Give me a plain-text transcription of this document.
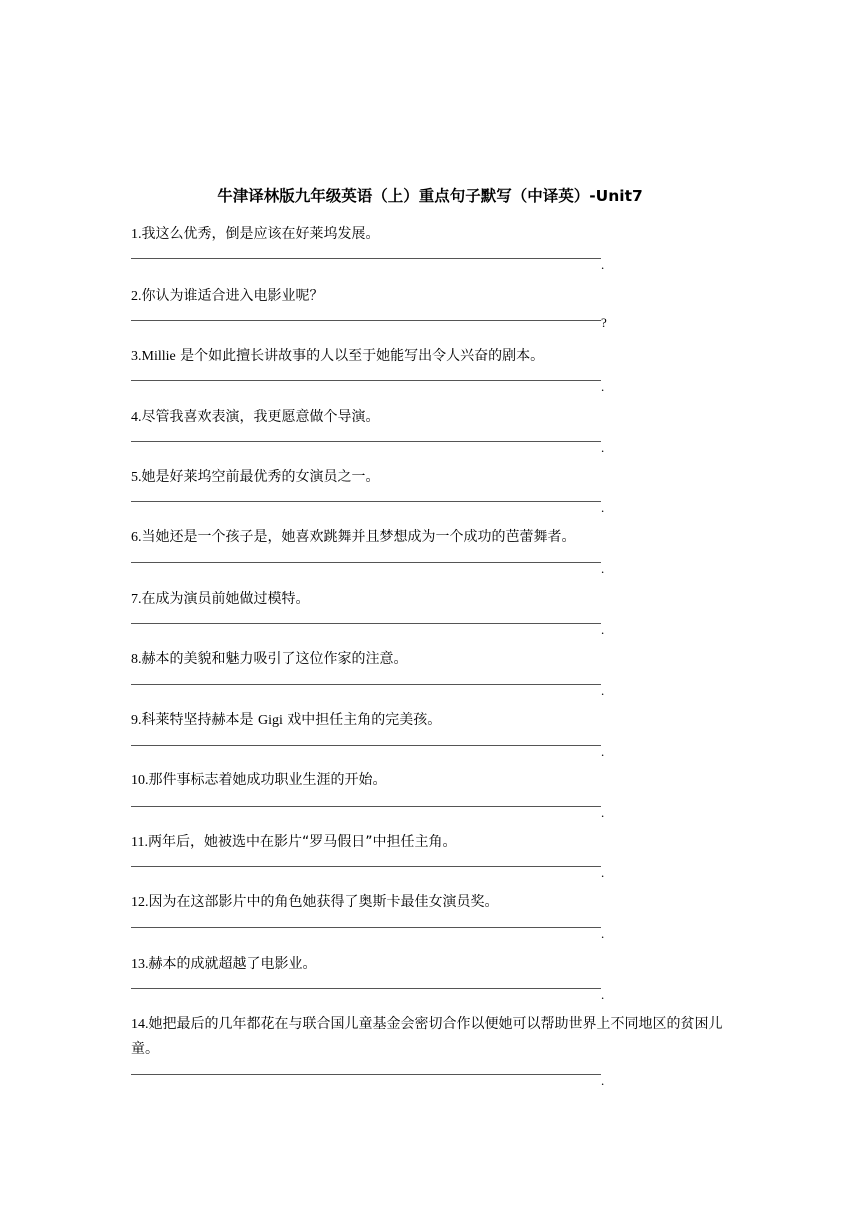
牛津译林版九年级英语（上）重点句子默写（中译英）-Unit7

1.我这么优秀，倒是应该在好莱坞发展。

.

2.你认为谁适合进入电影业呢？

?

3.Millie 是个如此擅长讲故事的人以至于她能写出令人兴奋的剧本。

.

4.尽管我喜欢表演，我更愿意做个导演。

.

5.她是好莱坞空前最优秀的女演员之一。

.

6.当她还是一个孩子是，她喜欢跳舞并且梦想成为一个成功的芭蕾舞者。

.

7.在成为演员前她做过模特。

.

8.赫本的美貌和魅力吸引了这位作家的注意。

.

9.科莱特坚持赫本是 Gigi 戏中担任主角的完美孩。

.

10.那件事标志着她成功职业生涯的开始。

.

11.两年后，她被选中在影片“罗马假日”中担任主角。

.

12.因为在这部影片中的角色她获得了奥斯卡最佳女演员奖。

.

13.赫本的成就超越了电影业。

.

14.她把最后的几年都花在与联合国儿童基金会密切合作以便她可以帮助世界上不同地区的贫困儿童。

.
